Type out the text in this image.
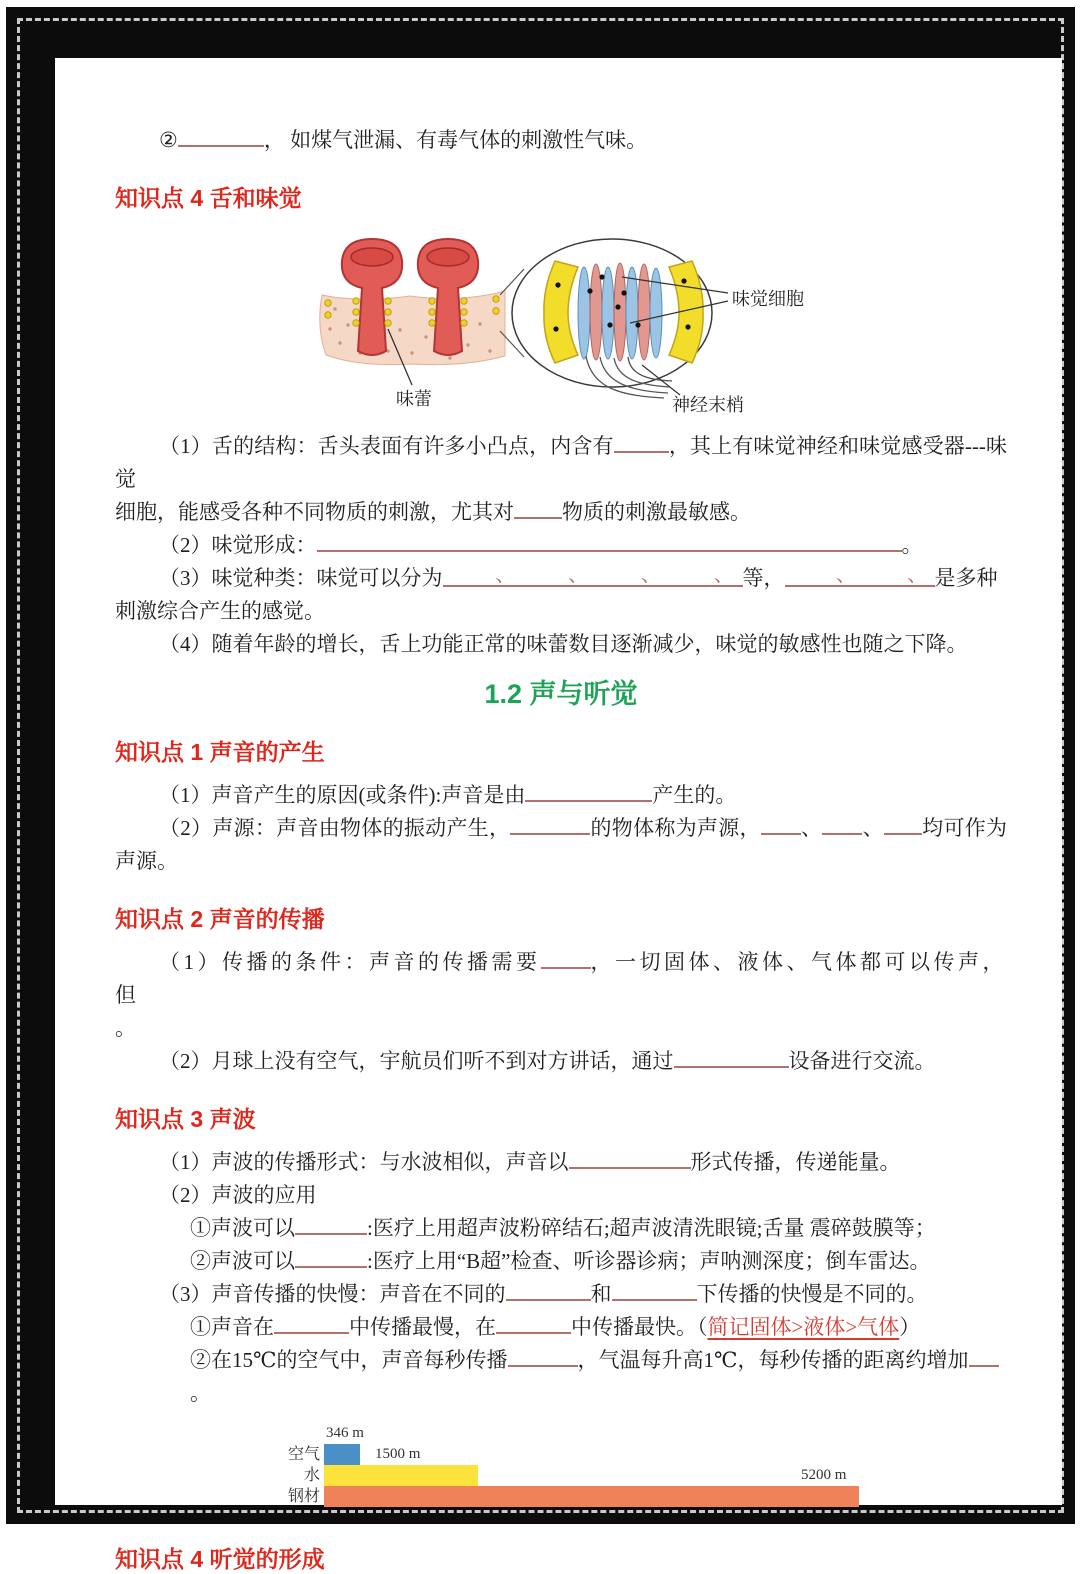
②	， 如煤气泄漏、有毒气体的刺激性气味。

知识点 4 舌和味觉
味蕾
味觉细胞
神经末梢

（1）舌的结构：舌头表面有许多小凸点，内含有	，其上有味觉神经和味觉感受器---味觉

细胞，能感受各种不同物质的刺激，尤其对 物质的刺激最敏感。

（2）味觉形成：	。

（3）味觉种类：味觉可以分为	、	、	、	、 等，	、	、 是多种

刺激综合产生的感觉。

（4）随着年龄的增长，舌上功能正常的味蕾数目逐渐减少，味觉的敏感性也随之下降。

1.2 声与听觉
知识点 1 声音的产生

（1）声音产生的原因(或条件):声音是由	产生的。

（2）声源：声音由物体的振动产生，	的物体称为声源， 、 、 均可作为声源。

知识点 2 声音的传播

（1）传播的条件：声音的传播需要 ，一切固体、液体、气体都可以传声，但

。

（2）月球上没有空气，宇航员们听不到对方讲话，通过	设备进行交流。

知识点 3 声波

（1）声波的传播形式：与水波相似，声音以	形式传播，传递能量。

（2）声波的应用

①声波可以	:医疗上用超声波粉碎结石;超声波清洗眼镜;舌量 震碎鼓膜等；

②声波可以	:医疗上用“B超”检查、听诊器诊病；声呐测深度；倒车雷达。

（3）声音传播的快慢：声音在不同的	和	下传播的快慢是不同的。

①声音在	中传播最慢，在	中传播最快。（简记固体>液体>气体）

②在15℃的空气中，声音每秒传播	，气温每升高1℃，每秒传播的距离约增加

。

空气
346 m
水
1500 m
钢材
5200 m
知识点 4 听觉的形成
